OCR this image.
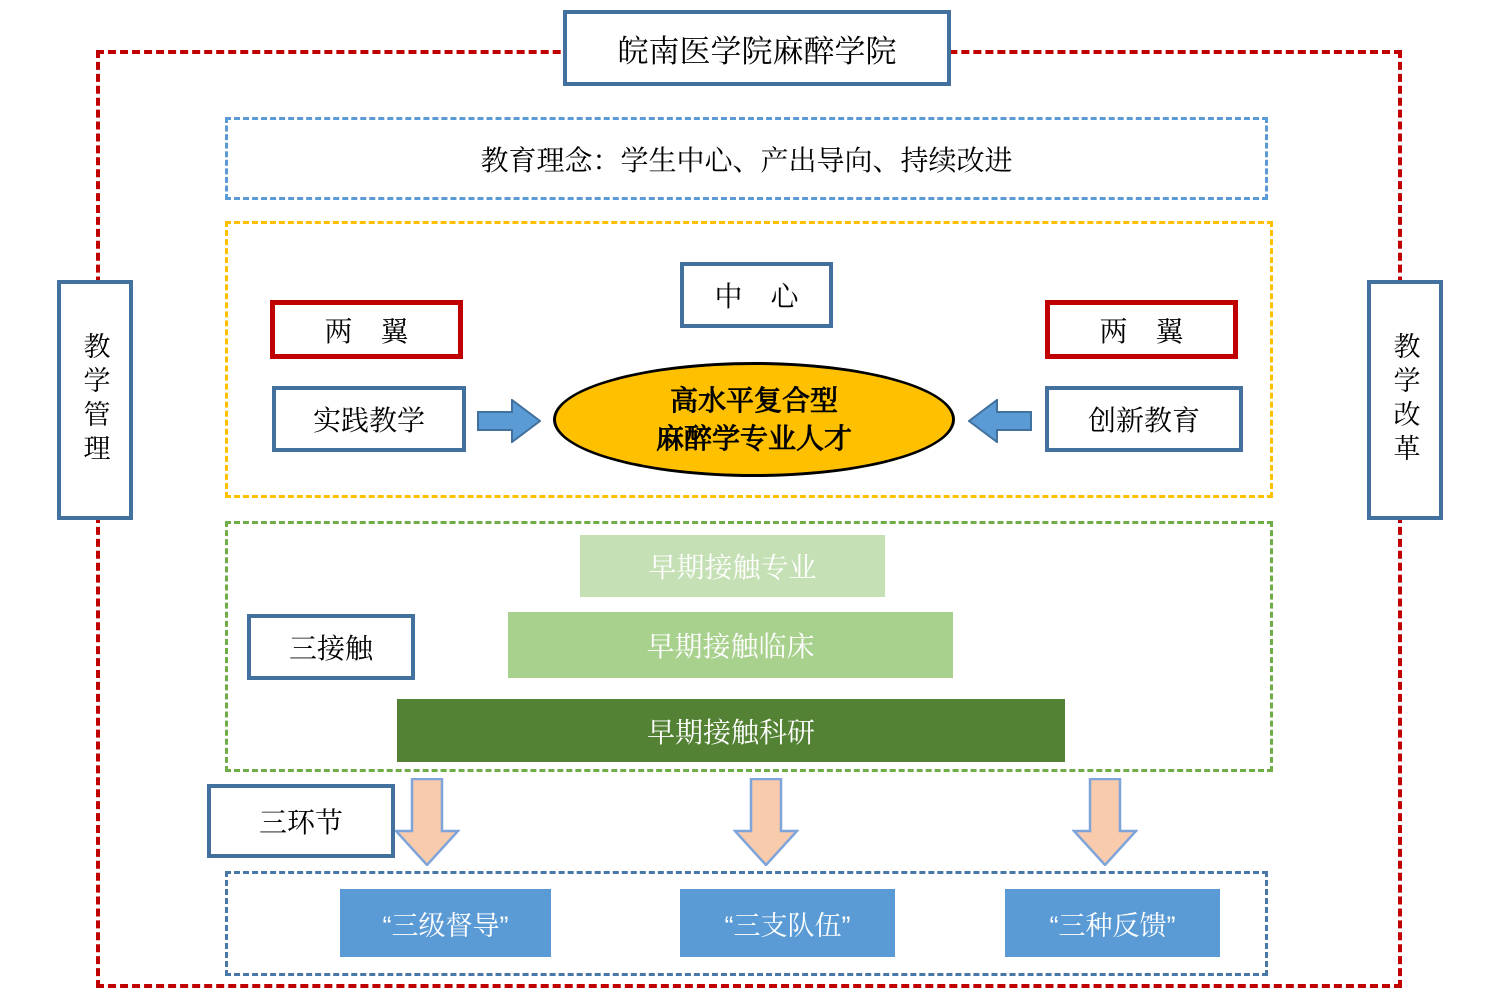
皖南医学院麻醉学院
教学管理	教学改革
教育理念：学生中心、产出导向、持续改进
中　心
两　翼	两　翼
实践教学	创新教育
高水平复合型
麻醉学专业人才
早期接触专业
早期接触临床
早期接触科研
三接触
三环节
“三级督导”	“三支队伍”	“三种反馈”
